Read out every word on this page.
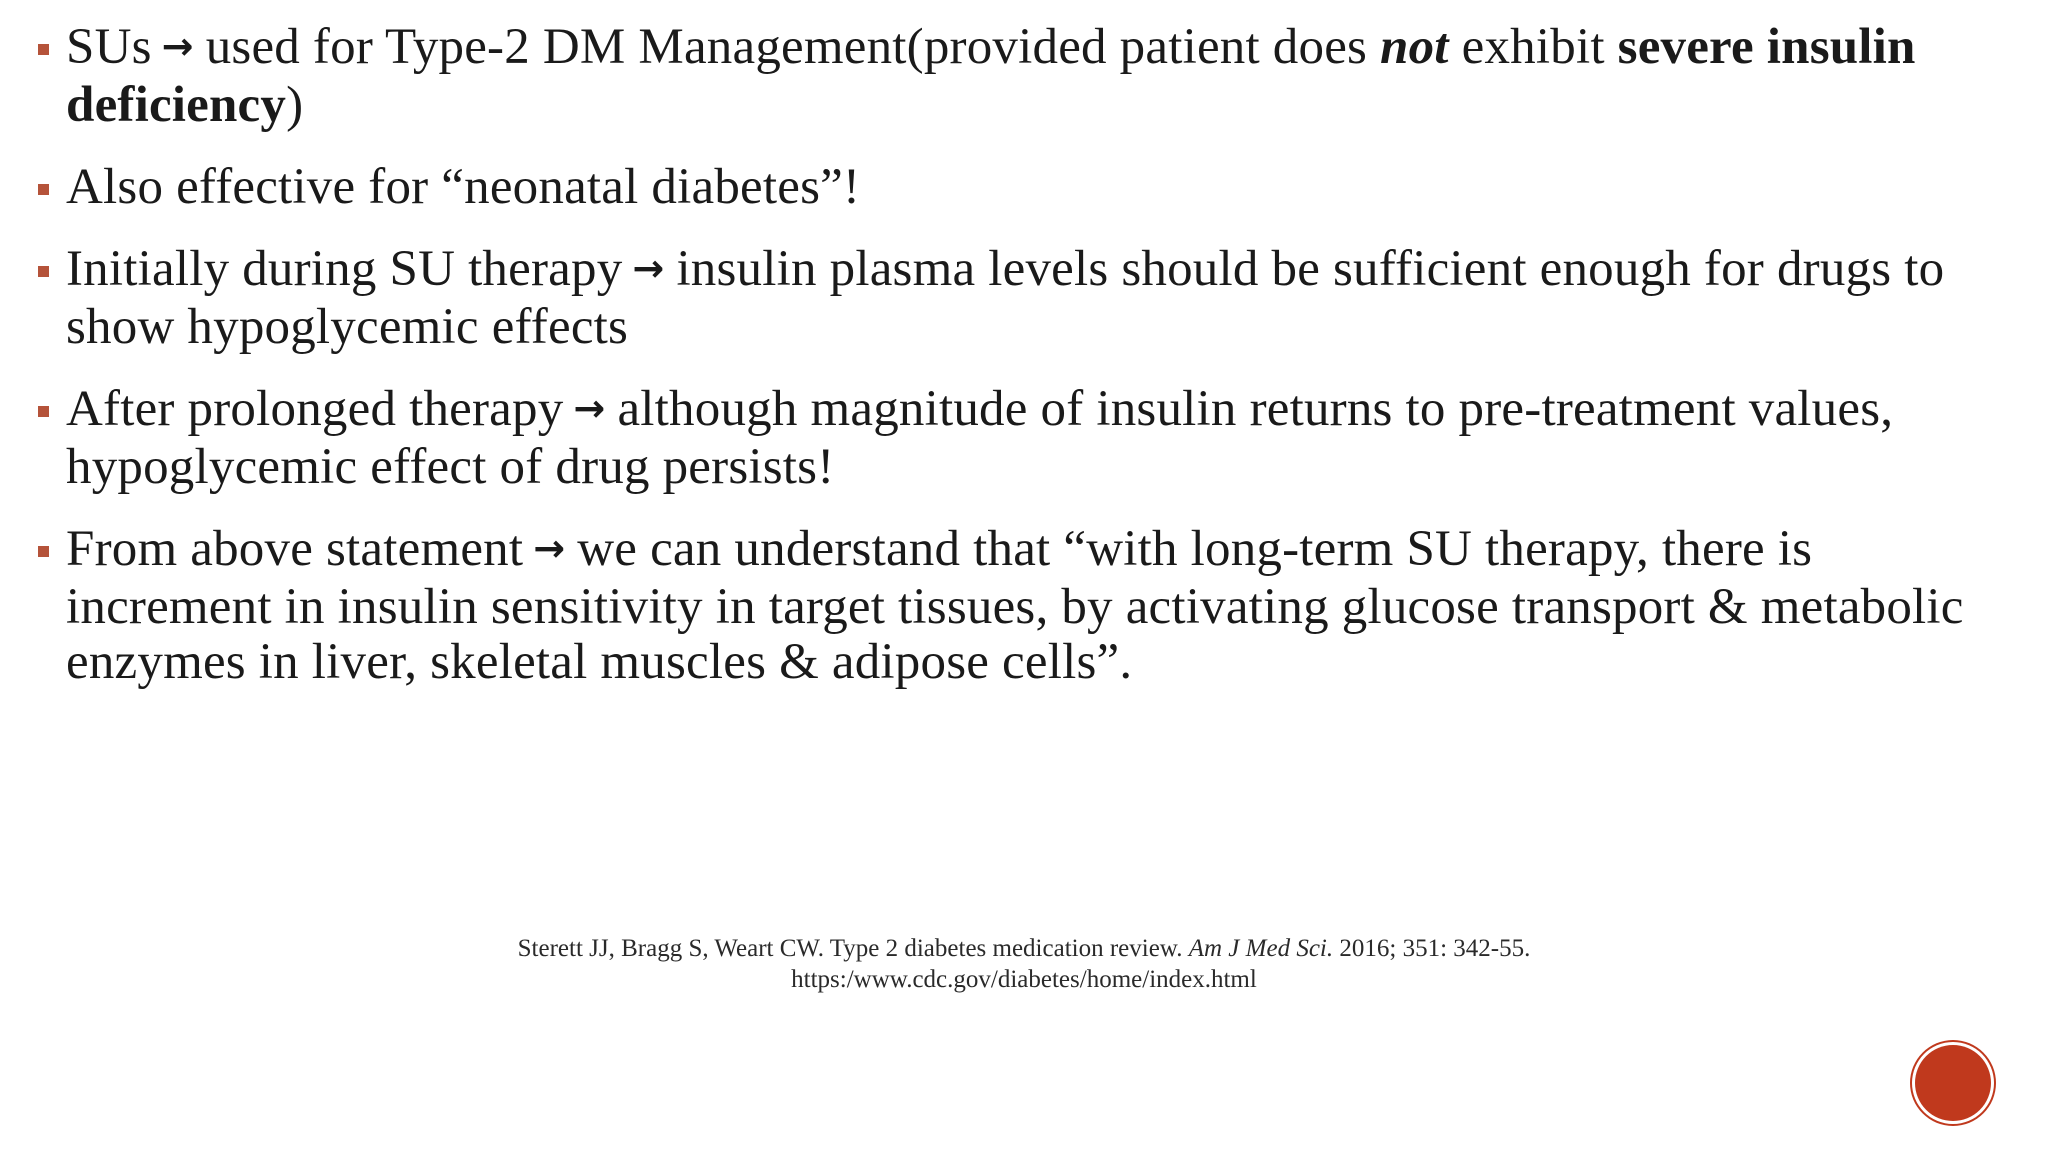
SUs → used for Type-2 DM Management(provided patient does not exhibit severe insulin deficiency)
Also effective for “neonatal diabetes”!
Initially during SU therapy → insulin plasma levels should be sufficient enough for drugs to show hypoglycemic effects
After prolonged therapy → although magnitude of insulin returns to pre-treatment values, hypoglycemic effect of drug persists!
From above statement → we can understand that “with long-term SU therapy, there is increment in insulin sensitivity in target tissues, by activating glucose transport & metabolic enzymes in liver, skeletal muscles & adipose cells”.
Sterett JJ, Bragg S, Weart CW. Type 2 diabetes medication review. Am J Med Sci. 2016; 351: 342-55.
https:/www.cdc.gov/diabetes/home/index.html
